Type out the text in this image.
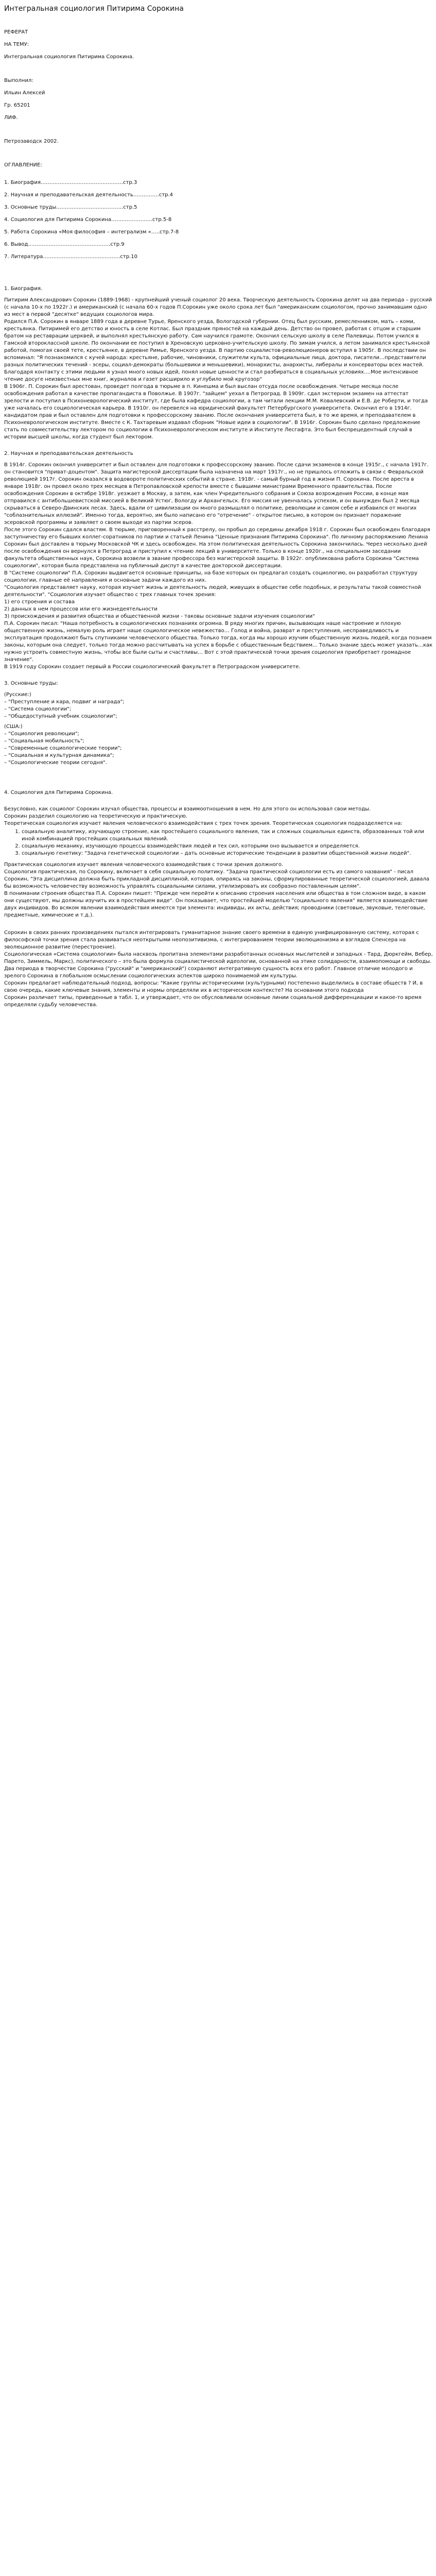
Интегральная социология Питирима Сорокина
РЕФЕРАТ
НА ТЕМУ:
Интегральная социология Питирима Сорокина.
Выполнил:
Ильин Алексей
Гр. 65201
ЛИФ.
Петрозаводск 2002.
ОГЛАВЛЕНИЕ:
1. Биография…………………………………………стр.3
2. Научная и преподавательская деятельность……………стр.4
3. Основные труды…………………………………стр.5
4. Социология для Питирима Сорокина……………………стр.5-8
5. Работа Сорокина «Моя философия – интегрализм »…..стр.7-8
6. Вывод…………………………………………стр.9
7. Литература………………………………………стр.10
1. Биография.

Питирим Александрович Сорокин (1889-1968) - крупнейший ученый социолог 20 века. Творческую деятельность Сорокина делят на два периода – русский (с начала 10-х по 1922г.) и американский (с начала 60-х годов П.Сорокин уже около срока лет был "американским социологом, прочно занимавшим одно из мест в первой "десятке" ведущих социологов мира.

Родился П.А. Сорокин в январе 1889 года в деревне Турье, Яренского уезда, Вологодской губернии. Отец был русским, ремесленником, мать – коми, крестьянка. Питиримей его детство и юность в селе Котлас. Был праздник пряностей на каждый день. Детство он провел, работая с отцом и старшим братом на реставрации церквей, и выполнял крестьянскую работу. Сам научился грамоте. Окончил сельскую школу в селе Палевицы. Потом учился в Гамской второклассной школе. По окончании ее поступил в Хреновскую церковно-учительскую школу. По зимам учился, а летом занимался крестьянской работой, помогая своей тете, крестьянке, в деревне Римье, Яренского уезда. В партию социалистов-революционеров вступил в 1905г. В последствии он вспоминал: "Я познакомился с кучей народа: крестьяне, рабочие, чиновники, служители культа, официальные лица, доктора, писатели…представители разных политических течений - эсеры, социал-демократы (большевики и меньшевики), монархисты, анархисты, либералы и консерваторы всех мастей. Благодаря контакту с этими людьми я узнал много новых идей, понял новые ценности и стал разбираться в социальных условиях….Мое интенсивное чтение досуге неизвестных мне книг, журналов и газет расширило и углубило мой кругозор"

В 1906г. П. Сорокин был арестован, проведет полгода в тюрьме в п. Кинешма и был выслан отсуда после освобождения. Четыре месяца после освобождения работал в качестве пропагандиста в Поволжье. В 1907г. "зайцем" уехал в Петроград. В 1909г. сдал экстерном экзамен на аттестат зрелости и поступил в Психоневрологический институт, где была кафедра социологии, а там читали лекции М.М. Ковалевский и Е.В. де Роберти, и тогда уже началась его социологическая карьера. В 1910г. он перевелся на юридический факультет Петербургского университета. Окончил его в 1914г. кандидатом прав и был оставлен для подготовки к профессорскому званию. После окончания университета был, в то же время, и преподавателем в Психоневрологическом институте. Вместе с К. Тахтаревым издавал сборник "Новые идеи в социологии". В 1916г. Сорокин было сделано предложение стать по совместительству лектором по социологии в Психоневрологическом институте и Институте Лесгафта. Это был беспрецедентный случай в истории высшей школы, когда студент был лектором.

2. Научная и преподавательская деятельность

В 1914г. Сорокин окончил университет и был оставлен для подготовки к профессорскому званию. После сдачи экзаменов в конце 1915г., с начала 1917г. он становится "приват-доцентом". Защита магистерской диссертации была назначена на март 1917г., но не пришлось отложить в связи с Февральской революцией 1917г. Сорокин оказался в водовороте политических событий в стране. 1918г. - самый бурный год в жизни П. Сорокина. После ареста в январе 1918г. он провел около трех месяцев в Петропавловской крепости вместе с бывшими министрами Временного правительства. После освобождения Сорокин в октябре 1918г. уезжает в Москву, а затем, как член Учредительного собрания и Союза возрождения России, в конце мая отправился с антибольшевистской миссией в Великий Устюг, Вологду и Архангельск. Его миссия не увенчалась успехом, и он вынужден был 2 месяца скрываться в Северо-Двинских лесах. Здесь, вдали от цивилизации он много размышлял о политике, революции и самом себе и избавился от многих "соблазнительных иллюзий". Именно тогда, вероятно, им было написано его "отречение" - открытое письмо, в котором он признает поражение эсеровской программы и заявляет о своем выходе из партии эсеров.

После этого Сорокин сдался властям. В тюрьме, приговоренный к расстрелу, он пробыл до середины декабря 1918 г. Сорокин был освобожден благодаря заступничеству его бывших коллег-соратников по партии и статьей Ленина "Ценные признания Питирима Сорокина". По личному распоряжению Ленина Сорокин был доставлен в тюрьму Московской ЧК и здесь освобожден. На этом политическая деятельность Сорокина закончилась. Через несколько дней после освобождения он вернулся в Петроград и приступил к чтению лекций в университете. Только в конце 1920г., на специальном заседании факультета общественных наук, Сорокина возвели в звание профессора без магистерской защиты. В 1922г. опубликована работа Сорокина "Система социологии", которая была представлена на публичный диспут в качестве докторской диссертации.

В "Системе социологии" П.А. Сорокин выдвигается основные принципы, на базе которых он предлагал создать социологию, он разработал структуру социологии, главные её направления и основные задачи каждого из них.

"Социология представляет науку, которая изучает жизнь и деятельность людей, живущих в обществе себе подобных, и результаты такой совместной деятельности". "Социология изучает общество с трех главных точек зрения:

1) его строения и состава

2) данных в нем процессов или его жизнедеятельности

3) происхождения и развития общества и общественной жизни - таковы основные задачи изучения социологии"

П.А. Сорокин писал: "Наша потребность в социологических познаниях огромна. В ряду многих причин, вызывающих наше настроение и плохую общественную жизнь, немалую роль играет наше социологическое невежество… Голод и война, разврат и преступления, несправедливость и эксплуатация продолжают быть спутниками человеческого общества. Только тогда, когда мы хорошо изучим общественную жизнь людей, когда познаем законы, которым она следует, только тогда можно рассчитывать на успех в борьбе с общественным бедствием... Только знание здесь может указать…как нужно устроить совместную жизнь, чтобы все были сыты и счастливы… Вот с этой практической точки зрения социология приобретает громадное значение".

В 1919 году Сорокин создает первый в России социологический факультет в Петроградском университете.

3. Основные труды:
(Русские:)
– "Преступление и кара, подвиг и награда";
– "Система социологии";
– "Общедоступный учебник социологии";
(США:)
– "Социология революции";
– "Социальная мобильность";
– "Современные социологические теории";
– "Социальная и культурная динамика";
– "Социологические теории сегодня".
4. Социология для Питирима Сорокина.

Безусловно, как социолог Сорокин изучал общества, процессы и взаимоотношения в нем. Но для этого он использовал свои методы.

Сорокин разделил социологию на теоретическую и практическую.

Теоретическая социология изучает явления человеческого взаимодействия с трех точек зрения. Теоретическая социология подразделяется на:

1. социальную аналитику, изучающую строение, как простейшего социального явления, так и сложных социальных единств, образованных той или иной комбинацией простейших социальных явлений.
2. социальную механику, изучающую процессы взаимодействия людей и тех сил, которыми оно вызывается и определяется.
3. социальную генетику: "Задача генетической социологии – дать основные исторические тенденции в развитии общественной жизни людей".

Практическая социология изучает явления человеческого взаимодействия с точки зрения должного.

Социология практическая, по Сорокину, включает в себя социальную политику. "Задача практической социологии есть из самого названия" - писал Сорокин, "Эта дисциплина должна быть прикладной дисциплиной, которая, опираясь на законы, сформулированные теоретической социологией, давала бы возможность человечеству возможность управлять социальными силами, утилизировать их сообразно поставленным целям".

В понимании строения общества П.А. Сорокин пишет: "Прежде чем перейти к описанию строения населения или общества в том сложном виде, в каком они существуют, мы должны изучить их в простейшем виде". Он показывает, что простейшей моделью "социального явления" является взаимодействие двух индивидов. Во всяком явлении взаимодействия имеются три элемента: индивиды, их акты, действия; проводники (световые, звуковые, телеговые, предметные, химические и т.д.).

Сорокин в своих ранних произведениях пытался интегрировать гуманитарное знание своего времени в единую унифицированную систему, которая с философской точки зрения стала развиваться неоткрытыми неопозитивизма, с интегрированием теории эволюционизма и взглядов Спенсера на эволюционное развитие (перестроение).

Социологическая «Система социологии» была насквозь пропитана элементами разработанных основных мыслителей и западных - Тард, Дюркгейм, Вебер, Парето, Зиммель, Маркс), политического – это была формула социалистической идеологии, основанной на этике солидарности, взаимопомощи и свободы. Два периода в творчестве Сорокина ("русский" и "американский") сохраняют интегративную сущность всех его работ. Главное отличие молодого и зрелого Сорокина в глобальном осмыслении социологических аспектов широко понимаемой им культуры.

Сорокин предлагает наблюдательный подход, вопросы: "Какие группы историческими (культурными) постепенно выделились в составе обществ ? И, в свою очередь, какие ключевые знания, элементы и нормы определяли их в историческом контексте? На основании этого подхода

Сорокин различает типы, приведенные в табл. 1, и утверждает, что он обусловливали основные линии социальной дифференциации и какое-то время определяли судьбу человечества.
